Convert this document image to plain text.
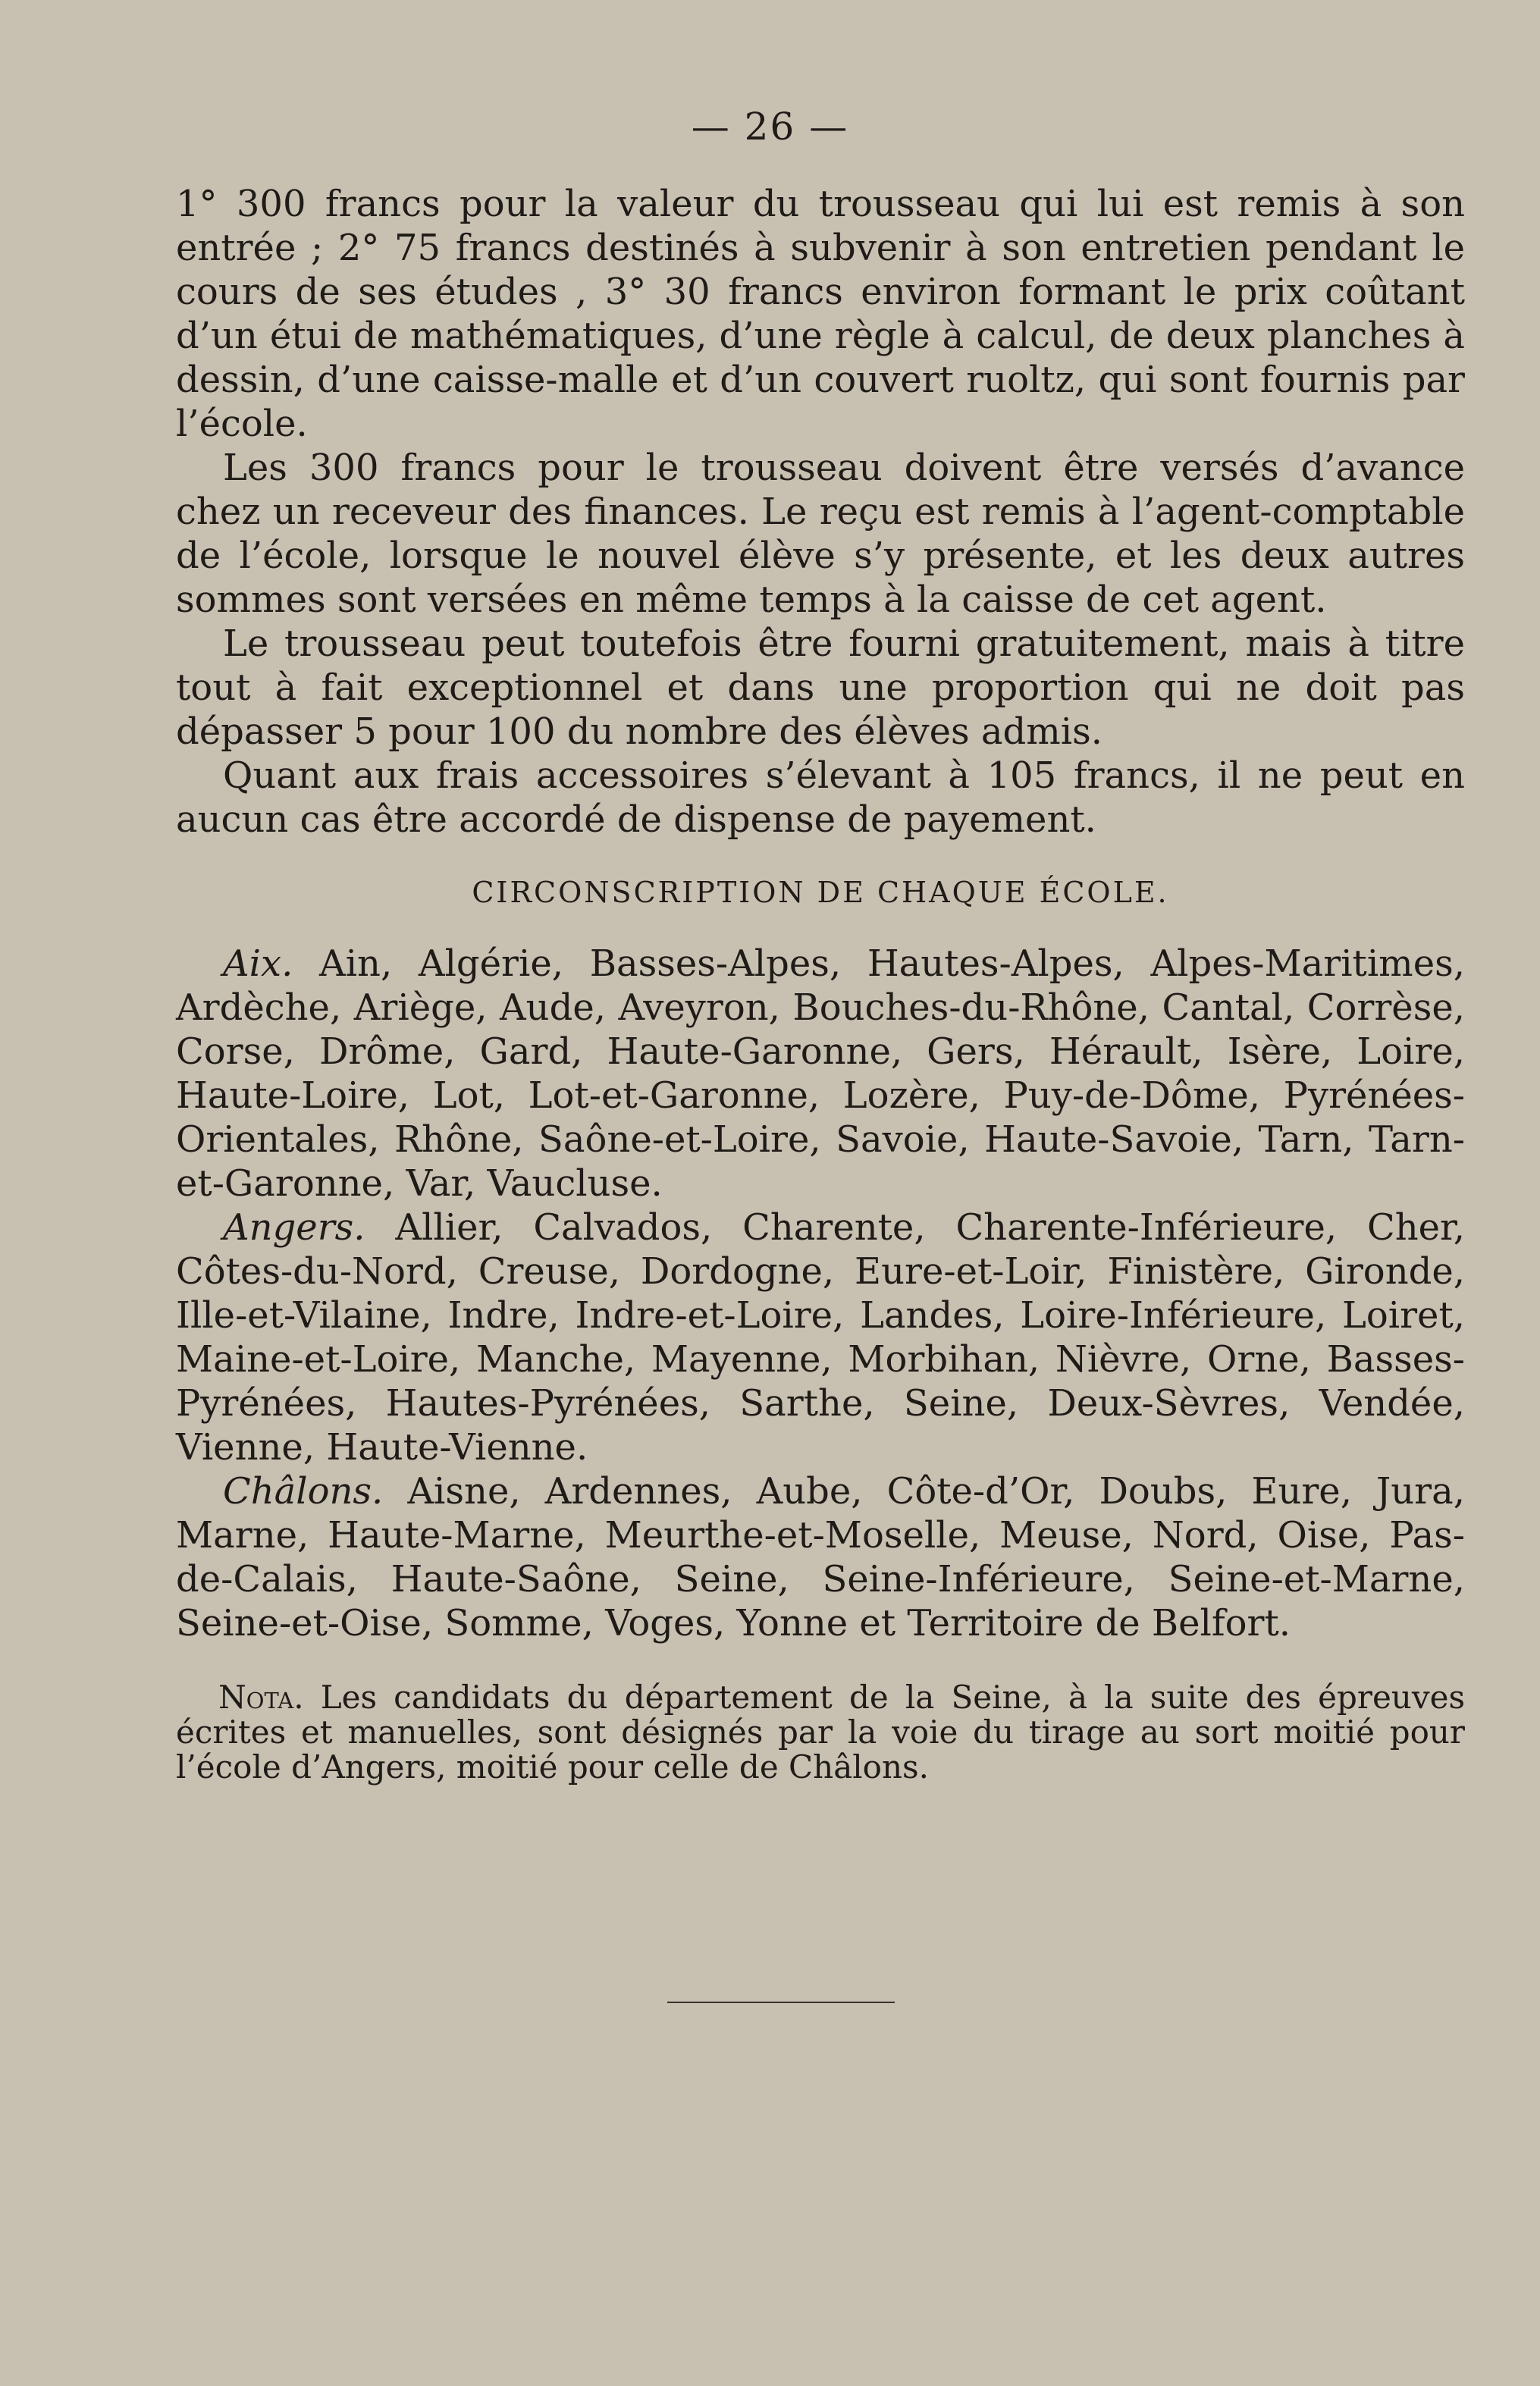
— 26 —

1° 300 francs pour la valeur du trousseau qui lui est remis à son entrée ; 2° 75 francs destinés à subvenir à son entretien pendant le cours de ses études , 3° 30 francs environ formant le prix coûtant d’un étui de mathématiques, d’une règle à calcul, de deux planches à dessin, d’une caisse-malle et d’un couvert ruoltz, qui sont fournis par l’école.

Les 300 francs pour le trousseau doivent être versés d’avance chez un receveur des finances. Le reçu est remis à l’agent-comptable de l’école, lorsque le nouvel élève s’y présente, et les deux autres sommes sont versées en même temps à la caisse de cet agent.

Le trousseau peut toutefois être fourni gratuitement, mais à titre tout à fait exceptionnel et dans une proportion qui ne doit pas dépasser 5 pour 100 du nombre des élèves admis.

Quant aux frais accessoires s’élevant à 105 francs, il ne peut en aucun cas être accordé de dispense de payement.

CIRCONSCRIPTION DE CHAQUE ÉCOLE.

Aix. Ain, Algérie, Basses-Alpes, Hautes-Alpes, Alpes-Maritimes, Ardèche, Ariège, Aude, Aveyron, Bouches-du-Rhône, Cantal, Corrèse, Corse, Drôme, Gard, Haute-Garonne, Gers, Hérault, Isère, Loire, Haute-Loire, Lot, Lot-et-Garonne, Lozère, Puy-de-Dôme, Pyrénées-Orientales, Rhône, Saône-et-Loire, Savoie, Haute-Savoie, Tarn, Tarn-et-Garonne, Var, Vaucluse.

Angers. Allier, Calvados, Charente, Charente-Inférieure, Cher, Côtes-du-Nord, Creuse, Dordogne, Eure-et-Loir, Finistère, Gironde, Ille-et-Vilaine, Indre, Indre-et-Loire, Landes, Loire-Inférieure, Loiret, Maine-et-Loire, Manche, Mayenne, Morbihan, Nièvre, Orne, Basses-Pyrénées, Hautes-Pyrénées, Sarthe, Seine, Deux-Sèvres, Vendée, Vienne, Haute-Vienne.

Châlons. Aisne, Ardennes, Aube, Côte-d’Or, Doubs, Eure, Jura, Marne, Haute-Marne, Meurthe-et-Moselle, Meuse, Nord, Oise, Pas-de-Calais, Haute-Saône, Seine, Seine-Inférieure, Seine-et-Marne, Seine-et-Oise, Somme, Voges, Yonne et Territoire de Belfort.

Nota. Les candidats du département de la Seine, à la suite des épreuves écrites et manuelles, sont désignés par la voie du tirage au sort moitié pour l’école d’Angers, moitié pour celle de Châlons.
